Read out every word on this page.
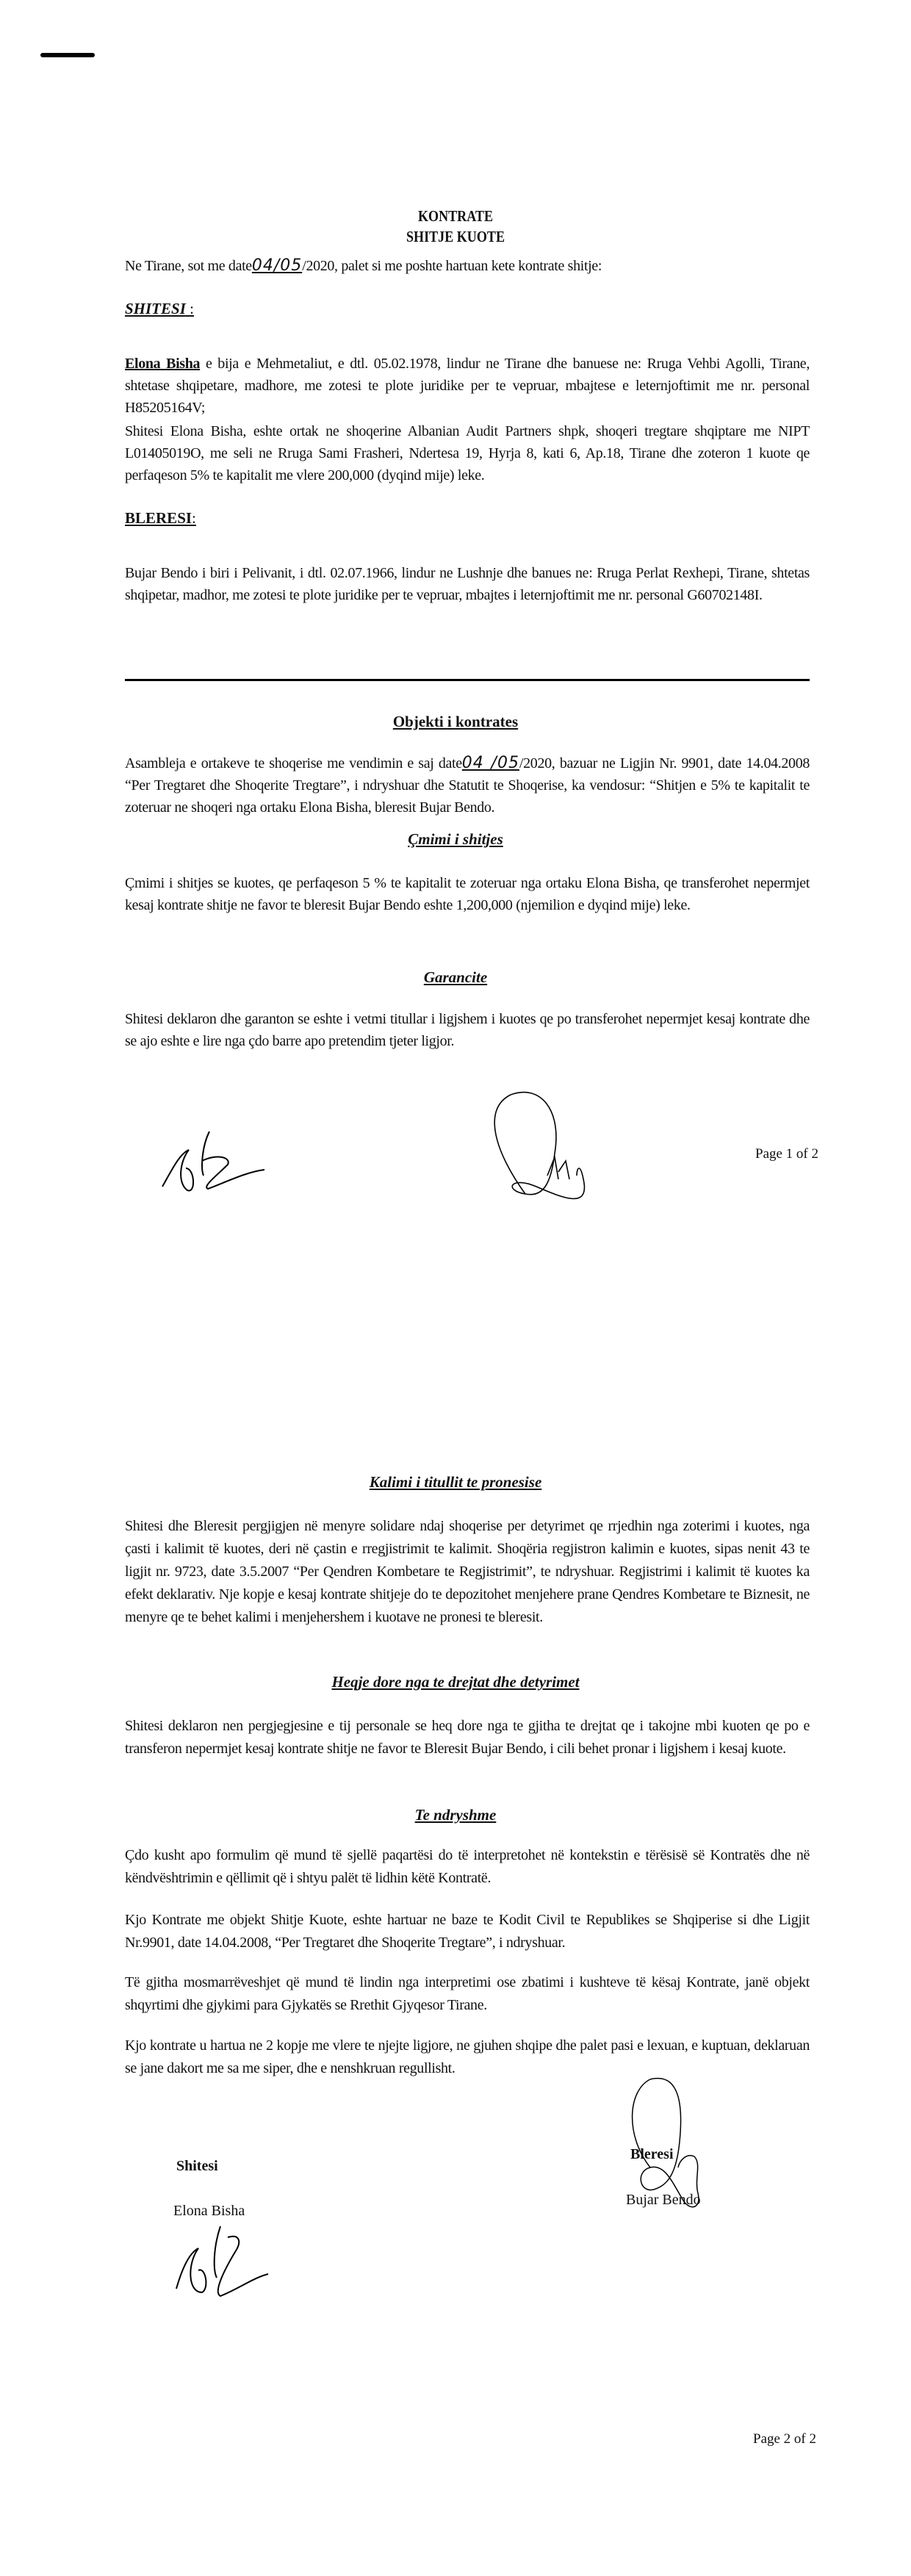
KONTRATE
SHITJE KUOTE
Ne Tirane, sot me date04/05/2020, palet si me poshte hartuan kete kontrate shitje:
SHITESI :
Elona Bisha e bija e Mehmetaliut, e dtl. 05.02.1978, lindur ne Tirane dhe banuese ne: Rruga Vehbi Agolli, Tirane, shtetase shqipetare, madhore, me zotesi te plote juridike per te vepruar, mbajtese e leternjoftimit me nr. personal H85205164V;
Shitesi Elona Bisha, eshte ortak ne shoqerine Albanian Audit Partners shpk, shoqeri tregtare shqiptare me NIPT L01405019O, me seli ne Rruga Sami Frasheri, Ndertesa 19, Hyrja 8, kati 6, Ap.18, Tirane dhe zoteron 1 kuote qe perfaqeson 5% te kapitalit me vlere 200,000 (dyqind mije) leke.
BLERESI:
Bujar Bendo i biri i Pelivanit, i dtl. 02.07.1966, lindur ne Lushnje dhe banues ne: Rruga Perlat Rexhepi, Tirane, shtetas shqipetar, madhor, me zotesi te plote juridike per te vepruar, mbajtes i leternjoftimit me nr. personal G60702148I.
Objekti i kontrates
Asambleja e ortakeve te shoqerise me vendimin e saj date04 /05/2020, bazuar ne Ligjin Nr. 9901, date 14.04.2008 “Per Tregtaret dhe Shoqerite Tregtare”, i ndryshuar dhe Statutit te Shoqerise, ka vendosur: “Shitjen e 5% te kapitalit te zoteruar ne shoqeri nga ortaku Elona Bisha, bleresit Bujar Bendo.
Çmimi i shitjes
Çmimi i shitjes se kuotes, qe perfaqeson 5 % te kapitalit te zoteruar nga ortaku Elona Bisha, qe transferohet nepermjet kesaj kontrate shitje ne favor te bleresit Bujar Bendo eshte 1,200,000 (njemilion e dyqind mije) leke.
Garancite
Shitesi deklaron dhe garanton se eshte i vetmi titullar i ligjshem i kuotes qe po transferohet nepermjet kesaj kontrate dhe se ajo eshte e lire nga çdo barre apo pretendim tjeter ligjor.
Page 1 of 2
Kalimi i titullit te pronesise
Shitesi dhe Bleresit pergjigjen në menyre solidare ndaj shoqerise per detyrimet qe rrjedhin nga zoterimi i kuotes, nga çasti i kalimit të kuotes, deri në çastin e rregjistrimit te kalimit. Shoqëria regjistron kalimin e kuotes, sipas nenit 43 te ligjit nr. 9723, date 3.5.2007 “Per Qendren Kombetare te Regjistrimit”, te ndryshuar. Regjistrimi i kalimit të kuotes ka efekt deklarativ. Nje kopje e kesaj kontrate shitjeje do te depozitohet menjehere prane Qendres Kombetare te Biznesit, ne menyre qe te behet kalimi i menjehershem i kuotave ne pronesi te bleresit.
Heqje dore nga te drejtat dhe detyrimet
Shitesi deklaron nen pergjegjesine e tij personale se heq dore nga te gjitha te drejtat qe i takojne mbi kuoten qe po e transferon nepermjet kesaj kontrate shitje ne favor te Bleresit Bujar Bendo, i cili behet pronar i ligjshem i kesaj kuote.
Te ndryshme
Çdo kusht apo formulim që mund të sjellë paqartësi do të interpretohet në kontekstin e tërësisë së Kontratës dhe në këndvështrimin e qëllimit që i shtyu palët të lidhin këtë Kontratë.
Kjo Kontrate me objekt Shitje Kuote, eshte hartuar ne baze te Kodit Civil te Republikes se Shqiperise si dhe Ligjit Nr.9901, date 14.04.2008, “Per Tregtaret dhe Shoqerite Tregtare”, i ndryshuar.
Të gjitha mosmarrëveshjet që mund të lindin nga interpretimi ose zbatimi i kushteve të kësaj Kontrate, janë objekt shqyrtimi dhe gjykimi para Gjykatës se Rrethit Gjyqesor Tirane.
Kjo kontrate u hartua ne 2 kopje me vlere te njejte ligjore, ne gjuhen shqipe dhe palet pasi e lexuan, e kuptuan, deklaruan se jane dakort me sa me siper, dhe e nenshkruan regullisht.
Shitesi
Elona Bisha
Bleresi
Bujar Bendo
Page 2 of 2
